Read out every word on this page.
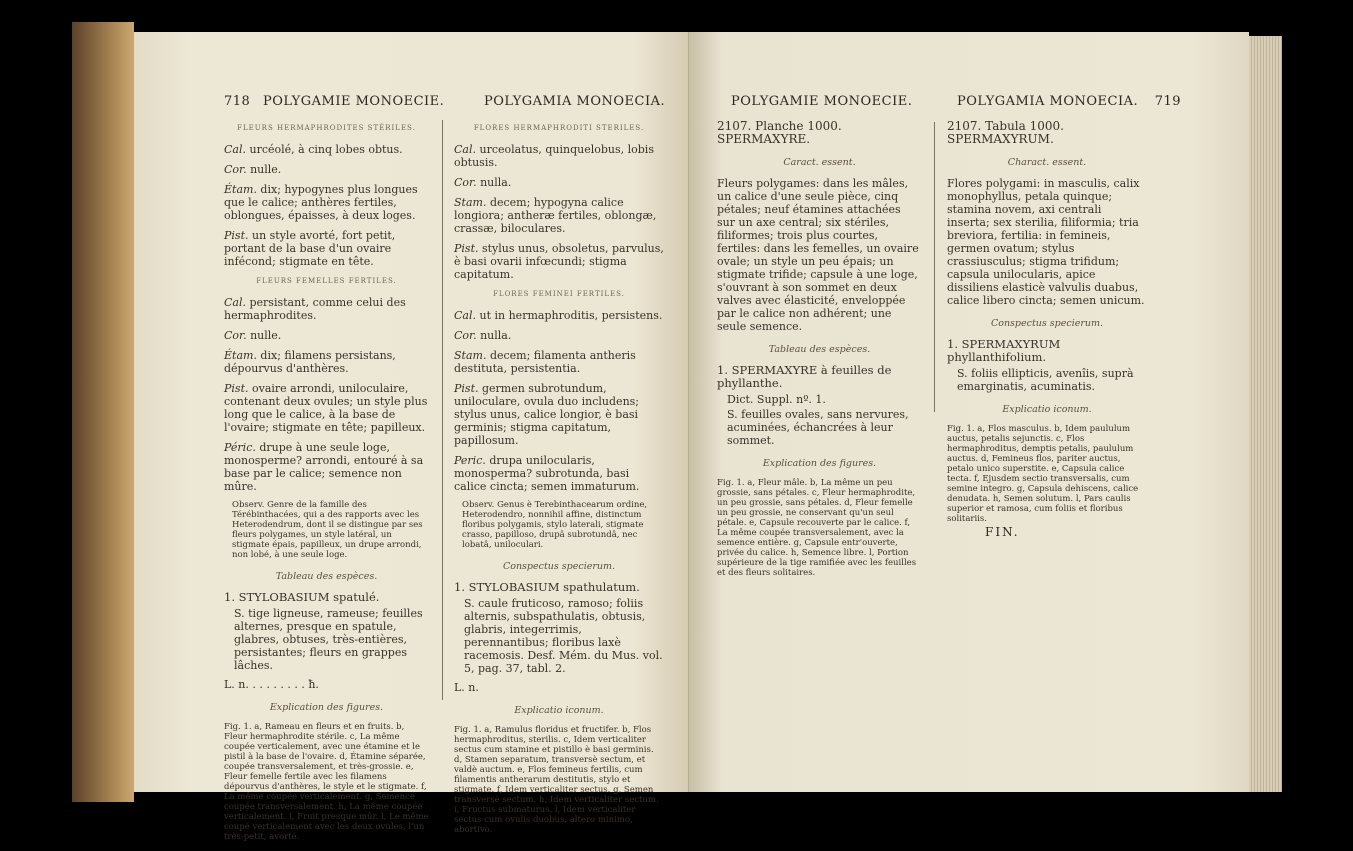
718 POLYGAMIE MONOECIE.	POLYGAMIA MONOECIA.
FLEURS HERMAPHRODITES STÉRILES.

Cal. urcéolé, à cinq lobes obtus.

Cor. nulle.

Étam. dix; hypogynes plus longues que le calice; anthères fertiles, oblongues, épaisses, à deux loges.

Pist. un style avorté, fort petit, portant de la base d'un ovaire infécond; stigmate en tête.

FLEURS FEMELLES FERTILES.

Cal. persistant, comme celui des hermaphrodites.

Cor. nulle.

Étam. dix; filamens persistans, dépourvus d'anthères.

Pist. ovaire arrondi, uniloculaire, contenant deux ovules; un style plus long que le calice, à la base de l'ovaire; stigmate en tête; papilleux.

Péric. drupe à une seule loge, monosperme? arrondi, entouré à sa base par le calice; semence non mûre.

Observ. Genre de la famille des Térébinthacées, qui a des rapports avec les Heterodendrum, dont il se distingue par ses fleurs polygames, un style latéral, un stigmate épais, papilleux, un drupe arrondi, non lobé, à une seule loge.

Tableau des espèces.

1. STYLOBASIUM spatulé.

S. tige ligneuse, rameuse; feuilles alternes, presque en spatule, glabres, obtuses, très-entières, persistantes; fleurs en grappes lâches.

L. n. . . . . . . . . ħ.

Explication des figures.

Fig. 1. a, Rameau en fleurs et en fruits. b, Fleur hermaphrodite stérile. c, La même coupée verticalement, avec une étamine et le pistil à la base de l'ovaire. d, Étamine séparée, coupée transversalement, et très-grossie. e, Fleur femelle fertile avec les filamens dépourvus d'anthères, le style et le stigmate. f, La même coupée verticalement. g, Semence coupée transversalement. h, La même coupée verticalement. i, Fruit presque mûr. l, Le même coupé verticalement avec les deux ovules, l'un très-petit, avorté.

FLORES HERMAPHRODITI STERILES.

Cal. urceolatus, quinquelobus, lobis obtusis.

Cor. nulla.

Stam. decem; hypogyna calice longiora; antheræ fertiles, oblongæ, crassæ, biloculares.

Pist. stylus unus, obsoletus, parvulus, è basi ovarii infœcundi; stigma capitatum.

FLORES FEMINEI FERTILES.

Cal. ut in hermaphroditis, persistens.

Cor. nulla.

Stam. decem; filamenta antheris destituta, persistentia.

Pist. germen subrotundum, uniloculare, ovula duo includens; stylus unus, calice longior, è basi germinis; stigma capitatum, papillosum.

Peric. drupa unilocularis, monosperma? subrotunda, basi calice cincta; semen immaturum.

Observ. Genus è Terebinthacearum ordine, Heterodendro, nonnihil affine, distinctum floribus polygamis, stylo laterali, stigmate crasso, papilloso, drupâ subrotundâ, nec lobatâ, uniloculari.

Conspectus specierum.

1. STYLOBASIUM spathulatum.

S. caule fruticoso, ramoso; foliis alternis, subspathulatis, obtusis, glabris, integerrimis, perennantibus; floribus laxè racemosis. Desf. Mém. du Mus. vol. 5, pag. 37, tabl. 2.

L. n.

Explicatio iconum.

Fig. 1. a, Ramulus floridus et fructifer. b, Flos hermaphroditus, sterilis. c, Idem verticaliter sectus cum stamine et pistillo è basi germinis. d, Stamen separatum, transversè sectum, et valdè auctum. e, Flos femineus fertilis, cum filamentis antherarum destitutis, stylo et stigmate. f, Idem verticaliter sectus. g, Semen transversè sectum. h, Idem verticaliter sectum. i, Fructus submaturus. l, Idem verticaliter sectus cum ovulis duobus, altero minimo, abortivo.

POLYGAMIE MONOECIE.	POLYGAMIA MONOECIA. 719

2107. Planche 1000. SPERMAXYRE.

Caract. essent.

Fleurs polygames: dans les mâles, un calice d'une seule pièce, cinq pétales; neuf étamines attachées sur un axe central; six stériles, filiformes; trois plus courtes, fertiles: dans les femelles, un ovaire ovale; un style un peu épais; un stigmate trifide; capsule à une loge, s'ouvrant à son sommet en deux valves avec élasticité, enveloppée par le calice non adhérent; une seule semence.

Tableau des espèces.

1. SPERMAXYRE à feuilles de phyllanthe.

Dict. Suppl. nº. 1.

S. feuilles ovales, sans nervures, acuminées, échancrées à leur sommet.

Explication des figures.

Fig. 1. a, Fleur mâle. b, La même un peu grossie, sans pétales. c, Fleur hermaphrodite, un peu grossie, sans pétales. d, Fleur femelle un peu grossie, ne conservant qu'un seul pétale. e, Capsule recouverte par le calice. f, La même coupée transversalement, avec la semence entière. g, Capsule entr'ouverte, privée du calice. h, Semence libre. l, Portion supérieure de la tige ramifiée avec les feuilles et des fleurs solitaires.

2107. Tabula 1000. SPERMAXYRUM.

Charact. essent.

Flores polygami: in masculis, calix monophyllus, petala quinque; stamina novem, axi centrali inserta; sex sterilia, filiformia; tria breviora, fertilia: in femineis, germen ovatum; stylus crassiusculus; stigma trifidum; capsula unilocularis, apice dissiliens elasticè valvulis duabus, calice libero cincta; semen unicum.

Conspectus specierum.

1. SPERMAXYRUM phyllanthifolium.

S. foliis ellipticis, avenîis, suprà emarginatis, acuminatis.

Explicatio iconum.

Fig. 1. a, Flos masculus. b, Idem paululum auctus, petalis sejunctis. c, Flos hermaphroditus, demptis petalis, paululum auctus. d, Femineus flos, pariter auctus, petalo unico superstite. e, Capsula calice tecta. f, Ejusdem sectio transversalis, cum semine integro. g, Capsula dehiscens, calice denudata. h, Semen solutum. l, Pars caulis superior et ramosa, cum foliis et floribus solitariis.

FIN.
